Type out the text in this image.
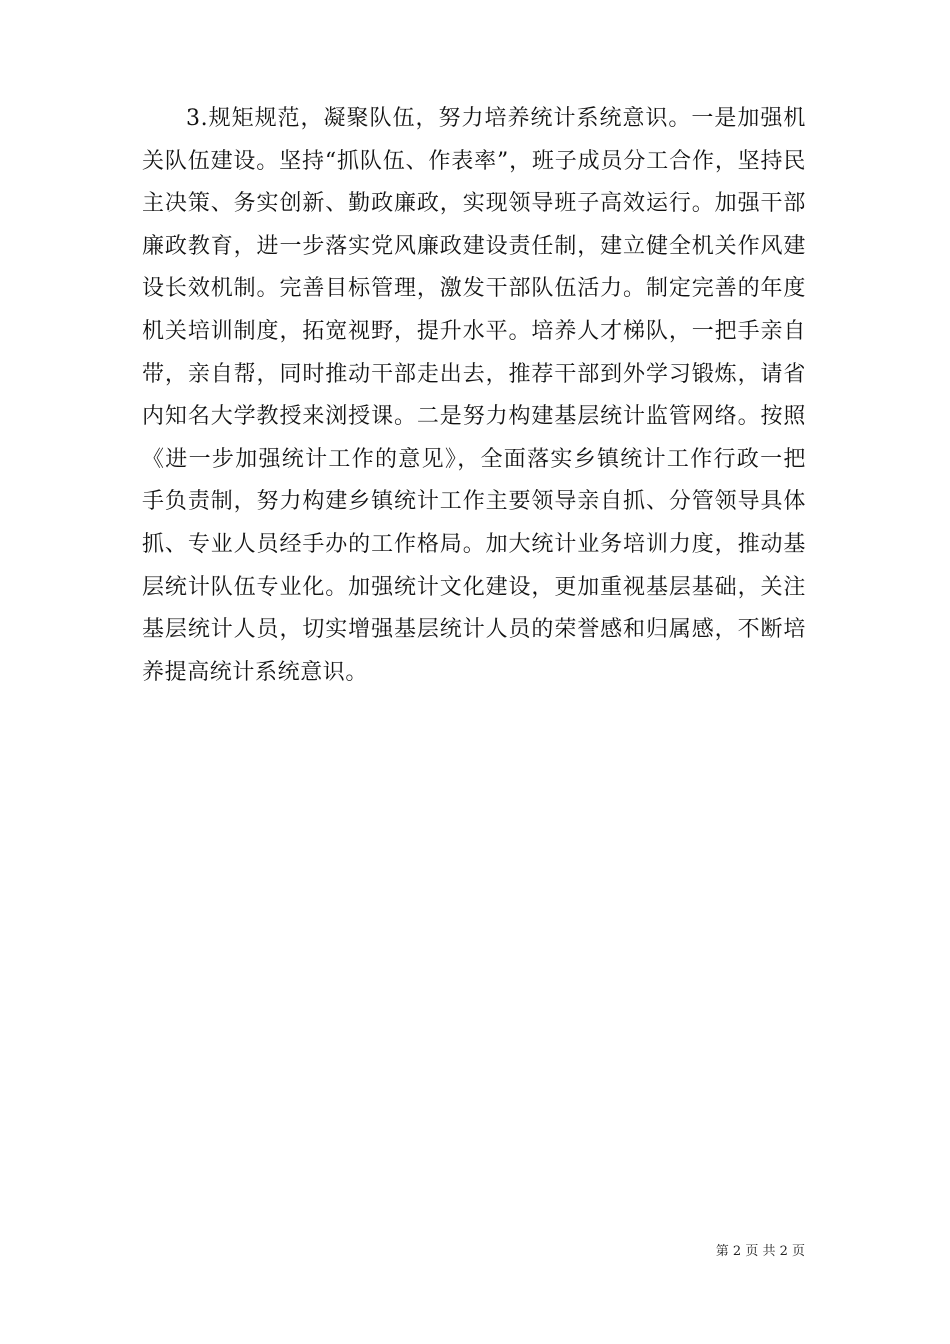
3.规矩规范，凝聚队伍，努力培养统计系统意识。一是加强机关队伍建设。坚持“抓队伍、作表率”，班子成员分工合作，坚持民主决策、务实创新、勤政廉政，实现领导班子高效运行。加强干部廉政教育，进一步落实党风廉政建设责任制，建立健全机关作风建设长效机制。完善目标管理，激发干部队伍活力。制定完善的年度机关培训制度，拓宽视野，提升水平。培养人才梯队，一把手亲自带，亲自帮，同时推动干部走出去，推荐干部到外学习锻炼，请省内知名大学教授来浏授课。二是努力构建基层统计监管网络。按照《进一步加强统计工作的意见》，全面落实乡镇统计工作行政一把手负责制，努力构建乡镇统计工作主要领导亲自抓、分管领导具体抓、专业人员经手办的工作格局。加大统计业务培训力度，推动基层统计队伍专业化。加强统计文化建设，更加重视基层基础，关注基层统计人员，切实增强基层统计人员的荣誉感和归属感，不断培养提高统计系统意识。

第 2 页 共 2 页
